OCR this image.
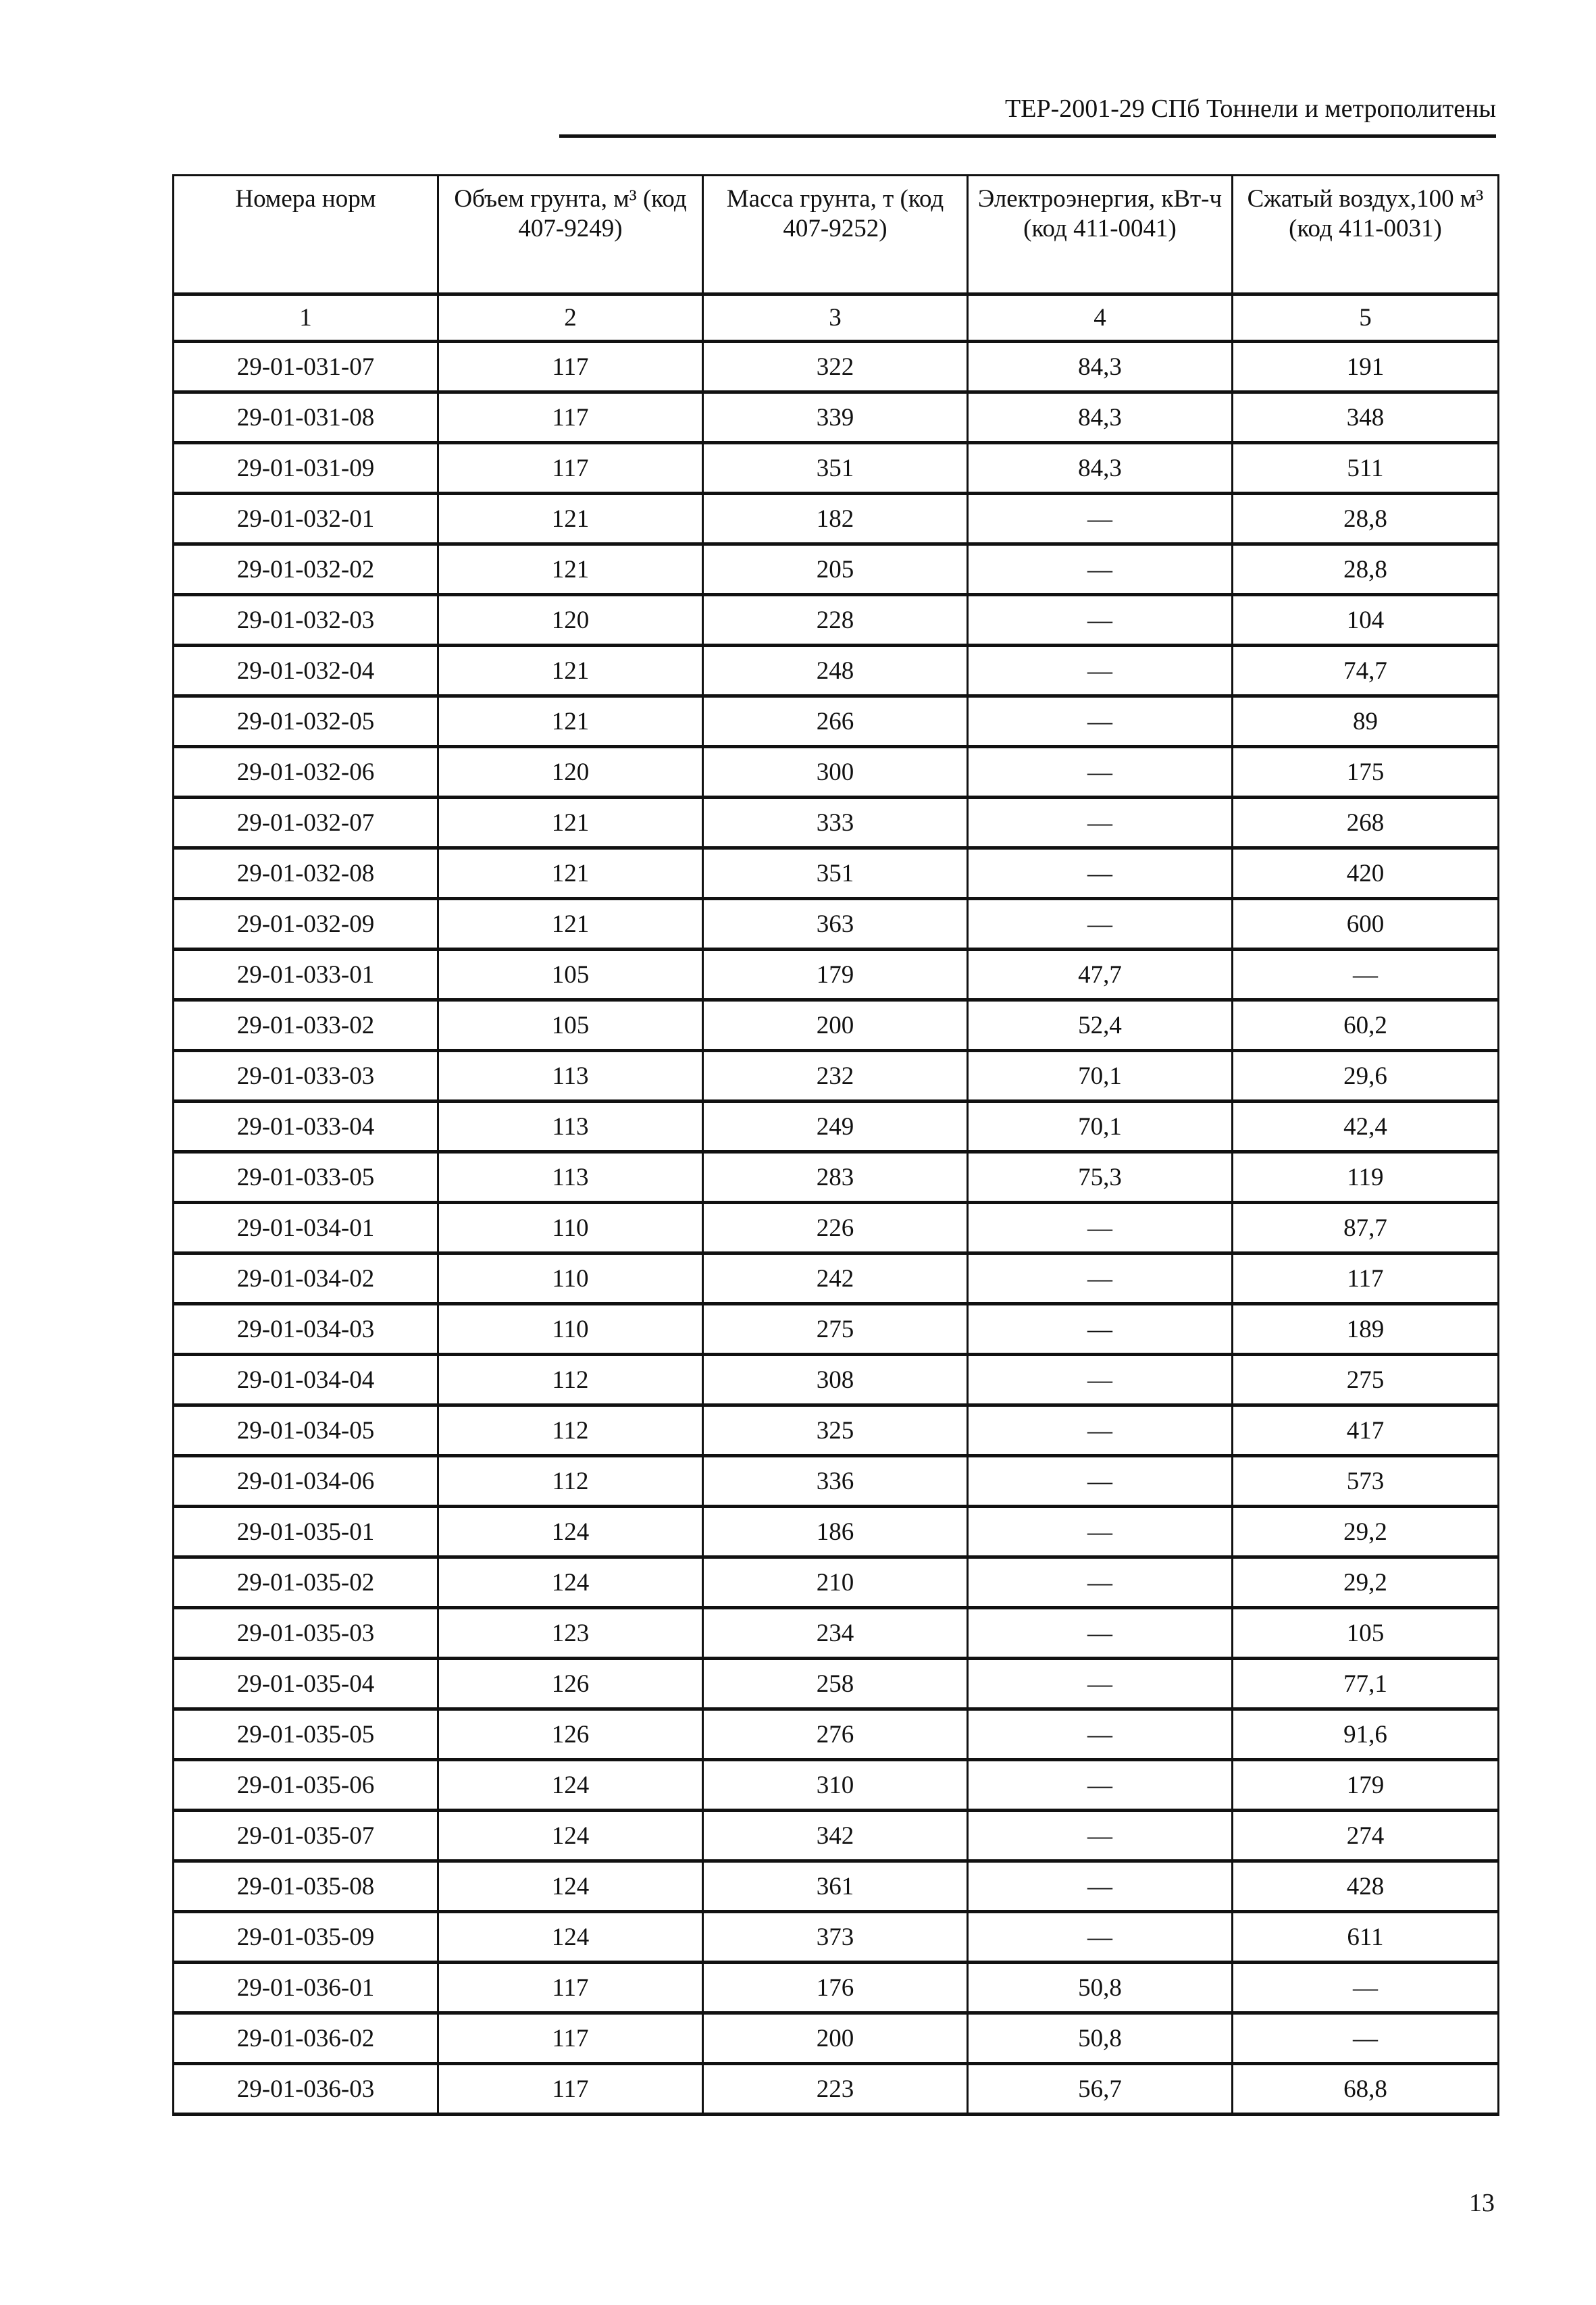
ТЕР-2001-29 СПб Тоннели и метрополитены
Номера норм	Объем грунта, м³ (код 407-9249)	Масса грунта, т (код 407-9252)	Электроэнергия, кВт-ч (код 411-0041)	Сжатый воздух,100 м³ (код 411-0031)
1	2	3	4	5
29-01-031-07	117	322	84,3	191
29-01-031-08	117	339	84,3	348
29-01-031-09	117	351	84,3	511
29-01-032-01	121	182	—	28,8
29-01-032-02	121	205	—	28,8
29-01-032-03	120	228	—	104
29-01-032-04	121	248	—	74,7
29-01-032-05	121	266	—	89
29-01-032-06	120	300	—	175
29-01-032-07	121	333	—	268
29-01-032-08	121	351	—	420
29-01-032-09	121	363	—	600
29-01-033-01	105	179	47,7	—
29-01-033-02	105	200	52,4	60,2
29-01-033-03	113	232	70,1	29,6
29-01-033-04	113	249	70,1	42,4
29-01-033-05	113	283	75,3	119
29-01-034-01	110	226	—	87,7
29-01-034-02	110	242	—	117
29-01-034-03	110	275	—	189
29-01-034-04	112	308	—	275
29-01-034-05	112	325	—	417
29-01-034-06	112	336	—	573
29-01-035-01	124	186	—	29,2
29-01-035-02	124	210	—	29,2
29-01-035-03	123	234	—	105
29-01-035-04	126	258	—	77,1
29-01-035-05	126	276	—	91,6
29-01-035-06	124	310	—	179
29-01-035-07	124	342	—	274
29-01-035-08	124	361	—	428
29-01-035-09	124	373	—	611
29-01-036-01	117	176	50,8	—
29-01-036-02	117	200	50,8	—
29-01-036-03	117	223	56,7	68,8
13
